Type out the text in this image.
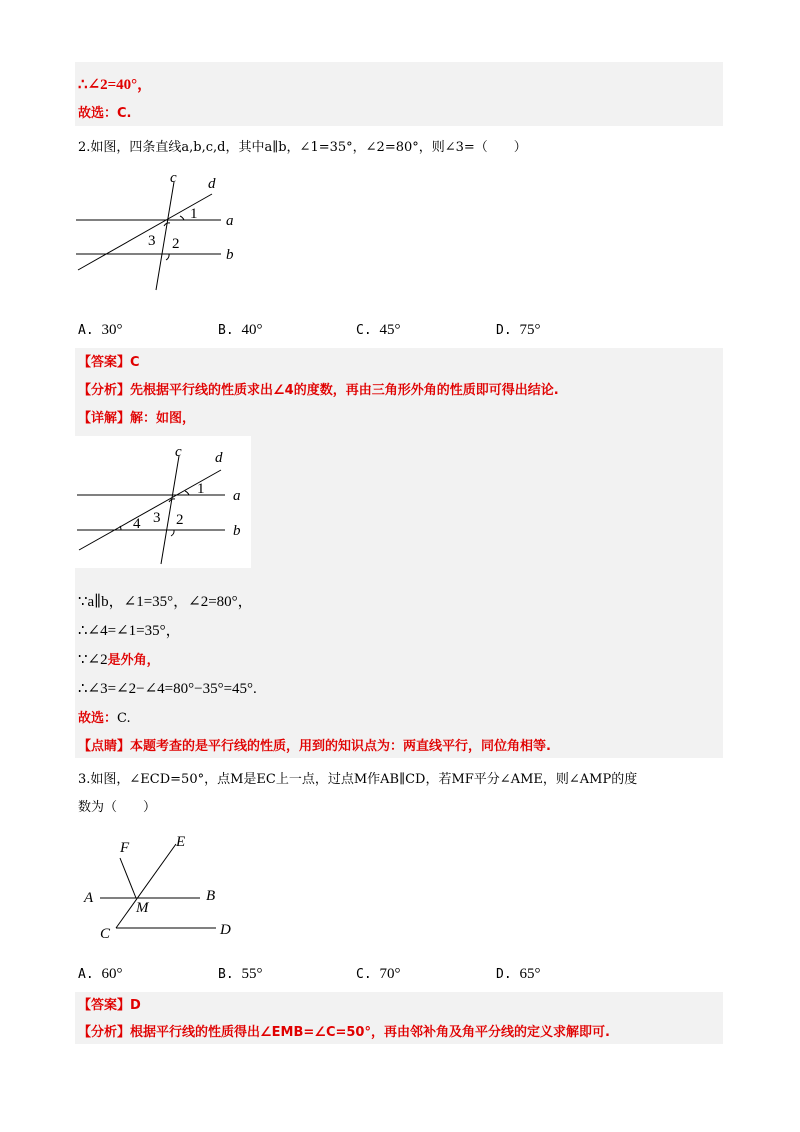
∴∠2=40°，
故选：C.
2.如图，四条直线a,b,c,d，其中a∥b，∠1=35°，∠2=80°，则∠3=（　　）
c d
a
b
1
2
3
A. 30°	B. 40°	C. 45°	D. 75°
【答案】C
【分析】先根据平行线的性质求出∠4的度数，再由三角形外角的性质即可得出结论.
【详解】解：如图，
c d
a
b
1
2
3
4
∵a∥b，∠1=35°，∠2=80°，
∴∠4=∠1=35°，
∵∠2是外角，
∴∠3=∠2−∠4=80°−35°=45°.
故选：C.
【点睛】本题考查的是平行线的性质，用到的知识点为：两直线平行，同位角相等.
3.如图，∠ECD=50°，点M是EC上一点，过点M作AB∥CD，若MF平分∠AME，则∠AMP的度
数为（　　）
F	E
A	B
M
C	D
A. 60°	B. 55°	C. 70°	D. 65°
【答案】D
【分析】根据平行线的性质得出∠EMB=∠C=50°，再由邻补角及角平分线的定义求解即可.
